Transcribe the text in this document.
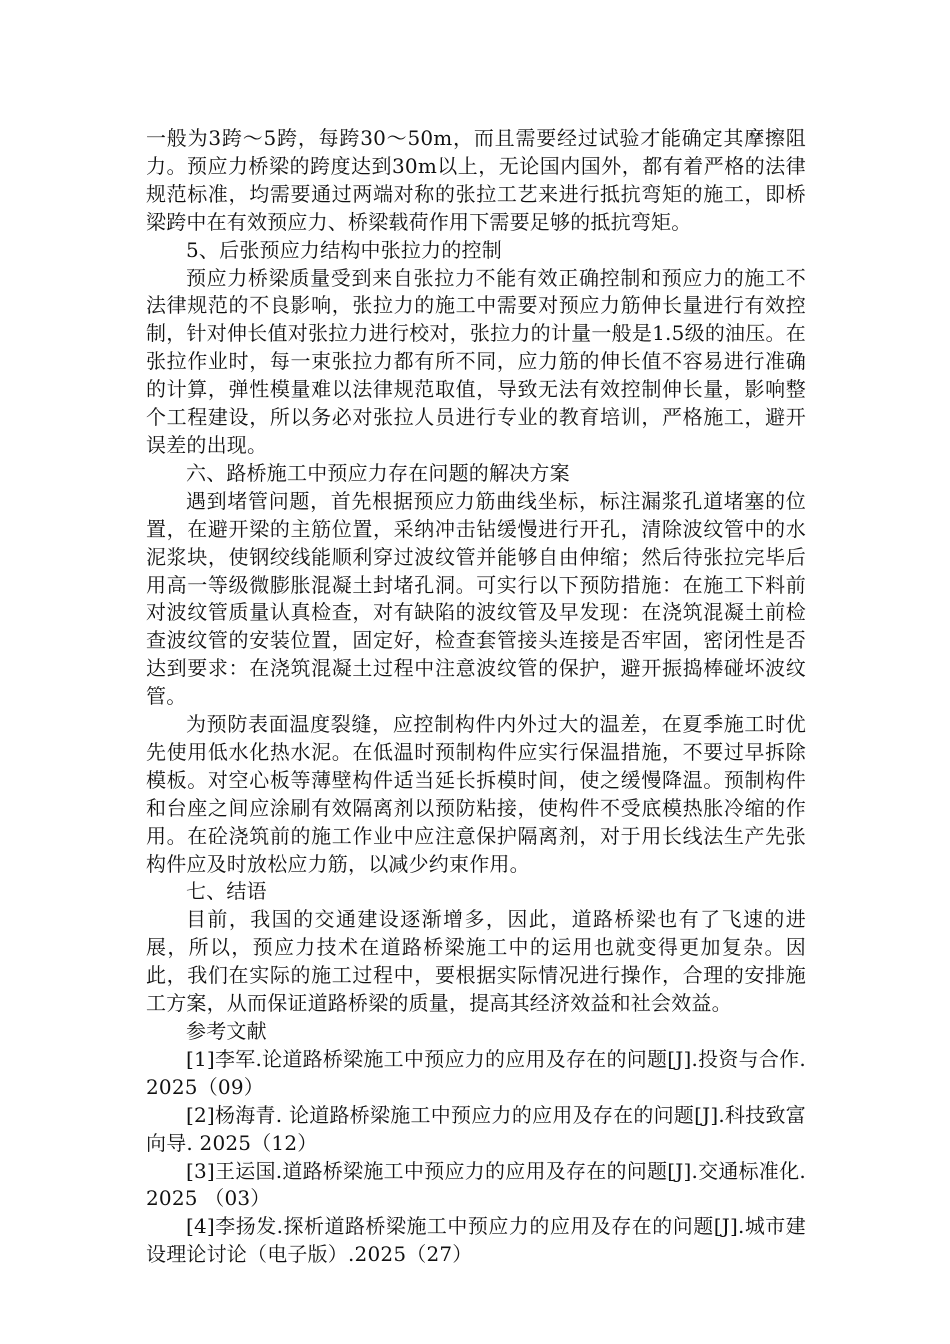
一般为3跨～5跨，每跨30～50m，而且需要经过试验才能确定其摩擦阻力。预应力桥梁的跨度达到30m以上，无论国内国外，都有着严格的法律规范标准，均需要通过两端对称的张拉工艺来进行抵抗弯矩的施工，即桥梁跨中在有效预应力、桥梁载荷作用下需要足够的抵抗弯矩。

5、后张预应力结构中张拉力的控制

预应力桥梁质量受到来自张拉力不能有效正确控制和预应力的施工不法律规范的不良影响，张拉力的施工中需要对预应力筋伸长量进行有效控制，针对伸长值对张拉力进行校对，张拉力的计量一般是1.5级的油压。在张拉作业时，每一束张拉力都有所不同，应力筋的伸长值不容易进行准确的计算，弹性模量难以法律规范取值，导致无法有效控制伸长量，影响整个工程建设，所以务必对张拉人员进行专业的教育培训，严格施工，避开误差的出现。

六、路桥施工中预应力存在问题的解决方案

遇到堵管问题，首先根据预应力筋曲线坐标，标注漏浆孔道堵塞的位置，在避开梁的主筋位置，采纳冲击钻缓慢进行开孔，清除波纹管中的水泥浆块，使钢绞线能顺利穿过波纹管并能够自由伸缩；然后待张拉完毕后用高一等级微膨胀混凝土封堵孔洞。可实行以下预防措施：在施工下料前对波纹管质量认真检查，对有缺陷的波纹管及早发现：在浇筑混凝土前检查波纹管的安装位置，固定好，检查套管接头连接是否牢固，密闭性是否达到要求：在浇筑混凝土过程中注意波纹管的保护，避开振捣棒碰坏波纹管。

为预防表面温度裂缝，应控制构件内外过大的温差，在夏季施工时优先使用低水化热水泥。在低温时预制构件应实行保温措施，不要过早拆除模板。对空心板等薄壁构件适当延长拆模时间，使之缓慢降温。预制构件和台座之间应涂刷有效隔离剂以预防粘接，使构件不受底模热胀冷缩的作用。在砼浇筑前的施工作业中应注意保护隔离剂，对于用长线法生产先张构件应及时放松应力筋，以减少约束作用。

七、结语

目前，我国的交通建设逐渐增多，因此，道路桥梁也有了飞速的进展，所以，预应力技术在道路桥梁施工中的运用也就变得更加复杂。因此，我们在实际的施工过程中，要根据实际情况进行操作，合理的安排施工方案，从而保证道路桥梁的质量，提高其经济效益和社会效益。

参考文献

[1]李军.论道路桥梁施工中预应力的应用及存在的问题[J].投资与合作. 2025（09）

[2]杨海青. 论道路桥梁施工中预应力的应用及存在的问题[J].科技致富向导. 2025（12）

[3]王运国.道路桥梁施工中预应力的应用及存在的问题[J].交通标准化. 2025 （03）

[4]李扬发.探析道路桥梁施工中预应力的应用及存在的问题[J].城市建设理论讨论（电子版）.2025（27）
